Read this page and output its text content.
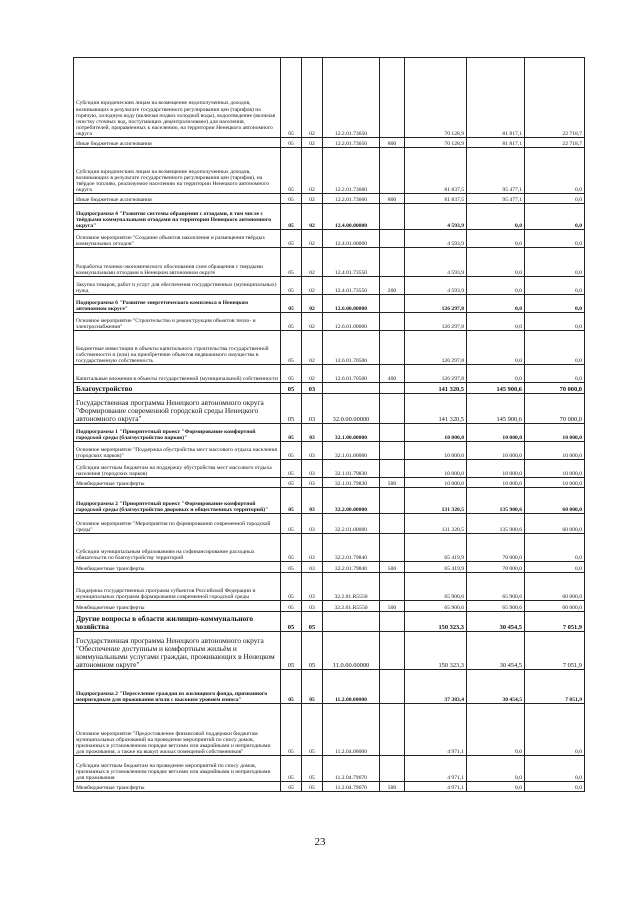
Субсидии юридическим лицам на возмещение недополученных доходов, возникающих в результате государственного регулирования цен (тарифов) на горячую, холодную воду (включая подвоз холодной воды), водоотведение (включая очистку сточных вод, поступающих децентрализовано) для населения, потребителей, приравненных к населению, на территории Ненецкого автономного округа	05	02	12.2.01.73650		70 128,9	81 817,1	22 718,7
Иные бюджетные ассигнования	05	02	12.2.01.73650	800	70 128,9	81 817,1	22 718,7
Субсидии юридическим лицам на возмещение недополученных доходов, возникающих в результате государственного регулирования цен (тарифов), на твёрдое топливо, реализуемое населению на территории Ненецкого автономного округа	05	02	12.2.01.73660		81 837,5	95 477,1	0,0
Иные бюджетные ассигнования	05	02	12.2.01.73660	800	81 837,5	95 477,1	0,0
Подпрограмма 4 "Развитие системы обращения с отходами, в том числе с твёрдыми коммунальными отходами на территории Ненецкого автономного округа"	05	02	12.4.00.00000		4 593,9	0,0	0,0
Основное мероприятие "Создание объектов накопления и размещения твёрдых коммунальных отходов"	05	02	12.4.01.00000		4 593,9	0,0	0,0
Разработка технико-экономического обоснования схем обращения с твердыми коммунальными отходами в Ненецком автономном округе	05	02	12.4.01.73550		4 593,9	0,0	0,0
Закупка товаров, работ и услуг для обеспечения государственных (муниципальных) нужд	05	02	12.4.01.73550	200	4 593,9	0,0	0,0
Подпрограмма 6 "Развитие энергетического комплекса в Ненецком автономном округе"	05	02	12.6.00.00000		126 297,8	0,0	0,0
Основное мероприятие "Строительство и реконструкция объектов тепло- и электроснабжения"	05	02	12.6.01.00000		126 297,8	0,0	0,0
Бюджетные инвестиции в объекты капитального строительства государственной собственности и (или) на приобретение объектов недвижимого имущества в государственную собственность	05	02	12.6.01.70500		126 297,8	0,0	0,0
Капитальные вложения в объекты государственной (муниципальной) собственности	05	02	12.6.01.70500	400	126 297,8	0,0	0,0
Благоустройство	05	03			141 320,5	145 900,6	70 000,0
Государственная программа Ненецкого автономного округа "Формирование современной городской среды Ненецкого автономного округа"	05	03	32.0.00.00000		141 320,5	145 900,6	70 000,0
Подпрограмма 1 "Приоритетный проект "Формирование комфортной городской среды (благоустройство парков)"	05	03	32.1.00.00000		10 000,0	10 000,0	10 000,0
Основное мероприятие "Поддержка обустройства мест массового отдыха населения (городских парков)"	05	03	32.1.01.00000		10 000,0	10 000,0	10 000,0
Субсидии местным бюджетам на поддержку обустройства мест массового отдыха населения (городских парков)	05	03	32.1.01.79830		10 000,0	10 000,0	10 000,0
Межбюджетные трансферты	05	03	32.1.01.79830	500	10 000,0	10 000,0	10 000,0
Подпрограмма 2 "Приоритетный проект "Формирование комфортной городской среды (благоустройство дворовых и общественных территорий)"	05	03	32.2.00.00000		131 320,5	135 900,6	60 000,0
Основное мероприятие "Мероприятия по формированию современной городской среды"	05	03	32.2.01.00000		131 320,5	135 900,6	60 000,0
Субсидии муниципальным образованиям на софинансирование расходных обязательств по благоустройству территорий	05	03	32.2.01.79840		65 419,9	70 000,0	0,0
Межбюджетные трансферты	05	03	32.2.01.79840	500	65 419,9	70 000,0	0,0
Поддержка государственных программ субъектов Российской Федерации и муниципальных программ формирования современной городской среды	05	03	32.2.01.R5550		65 900,6	65 900,6	60 000,0
Межбюджетные трансферты	05	03	32.2.01.R5550	500	65 900,6	65 900,6	60 000,0
Другие вопросы в области жилищно-коммунального хозяйства	05	05			150 323,3	30 454,5	7 051,9
Государственная программа Ненецкого автономного округа "Обеспечение доступным и комфортным жильём и коммунальными услугами граждан, проживающих в Ненецком автономном округе"	05	05	11.0.00.00000		150 323,3	30 454,5	7 051,9
Подпрограмма 2 "Переселение граждан из жилищного фонда, признанного непригодным для проживания и/или с высоким уровнем износа"	05	05	11.2.00.00000		37 383,4	30 454,5	7 051,9
Основное мероприятие "Предоставление финансовой поддержки бюджетам муниципальных образований на проведение мероприятий по сносу домов, признанных в установленном порядке ветхими или аварийными и непригодными для проживания, а также на выкуп жилых помещений собственников"	05	05	11.2.04.00000		4 971,1	0,0	0,0
Субсидии местным бюджетам на проведение мероприятий по сносу домов, признанных в установленном порядке ветхими или аварийными и непригодными для проживания	05	05	11.2.04.79670		4 971,1	0,0	0,0
Межбюджетные трансферты	05	05	11.2.04.79670	500	4 971,1	0,0	0,0
23
